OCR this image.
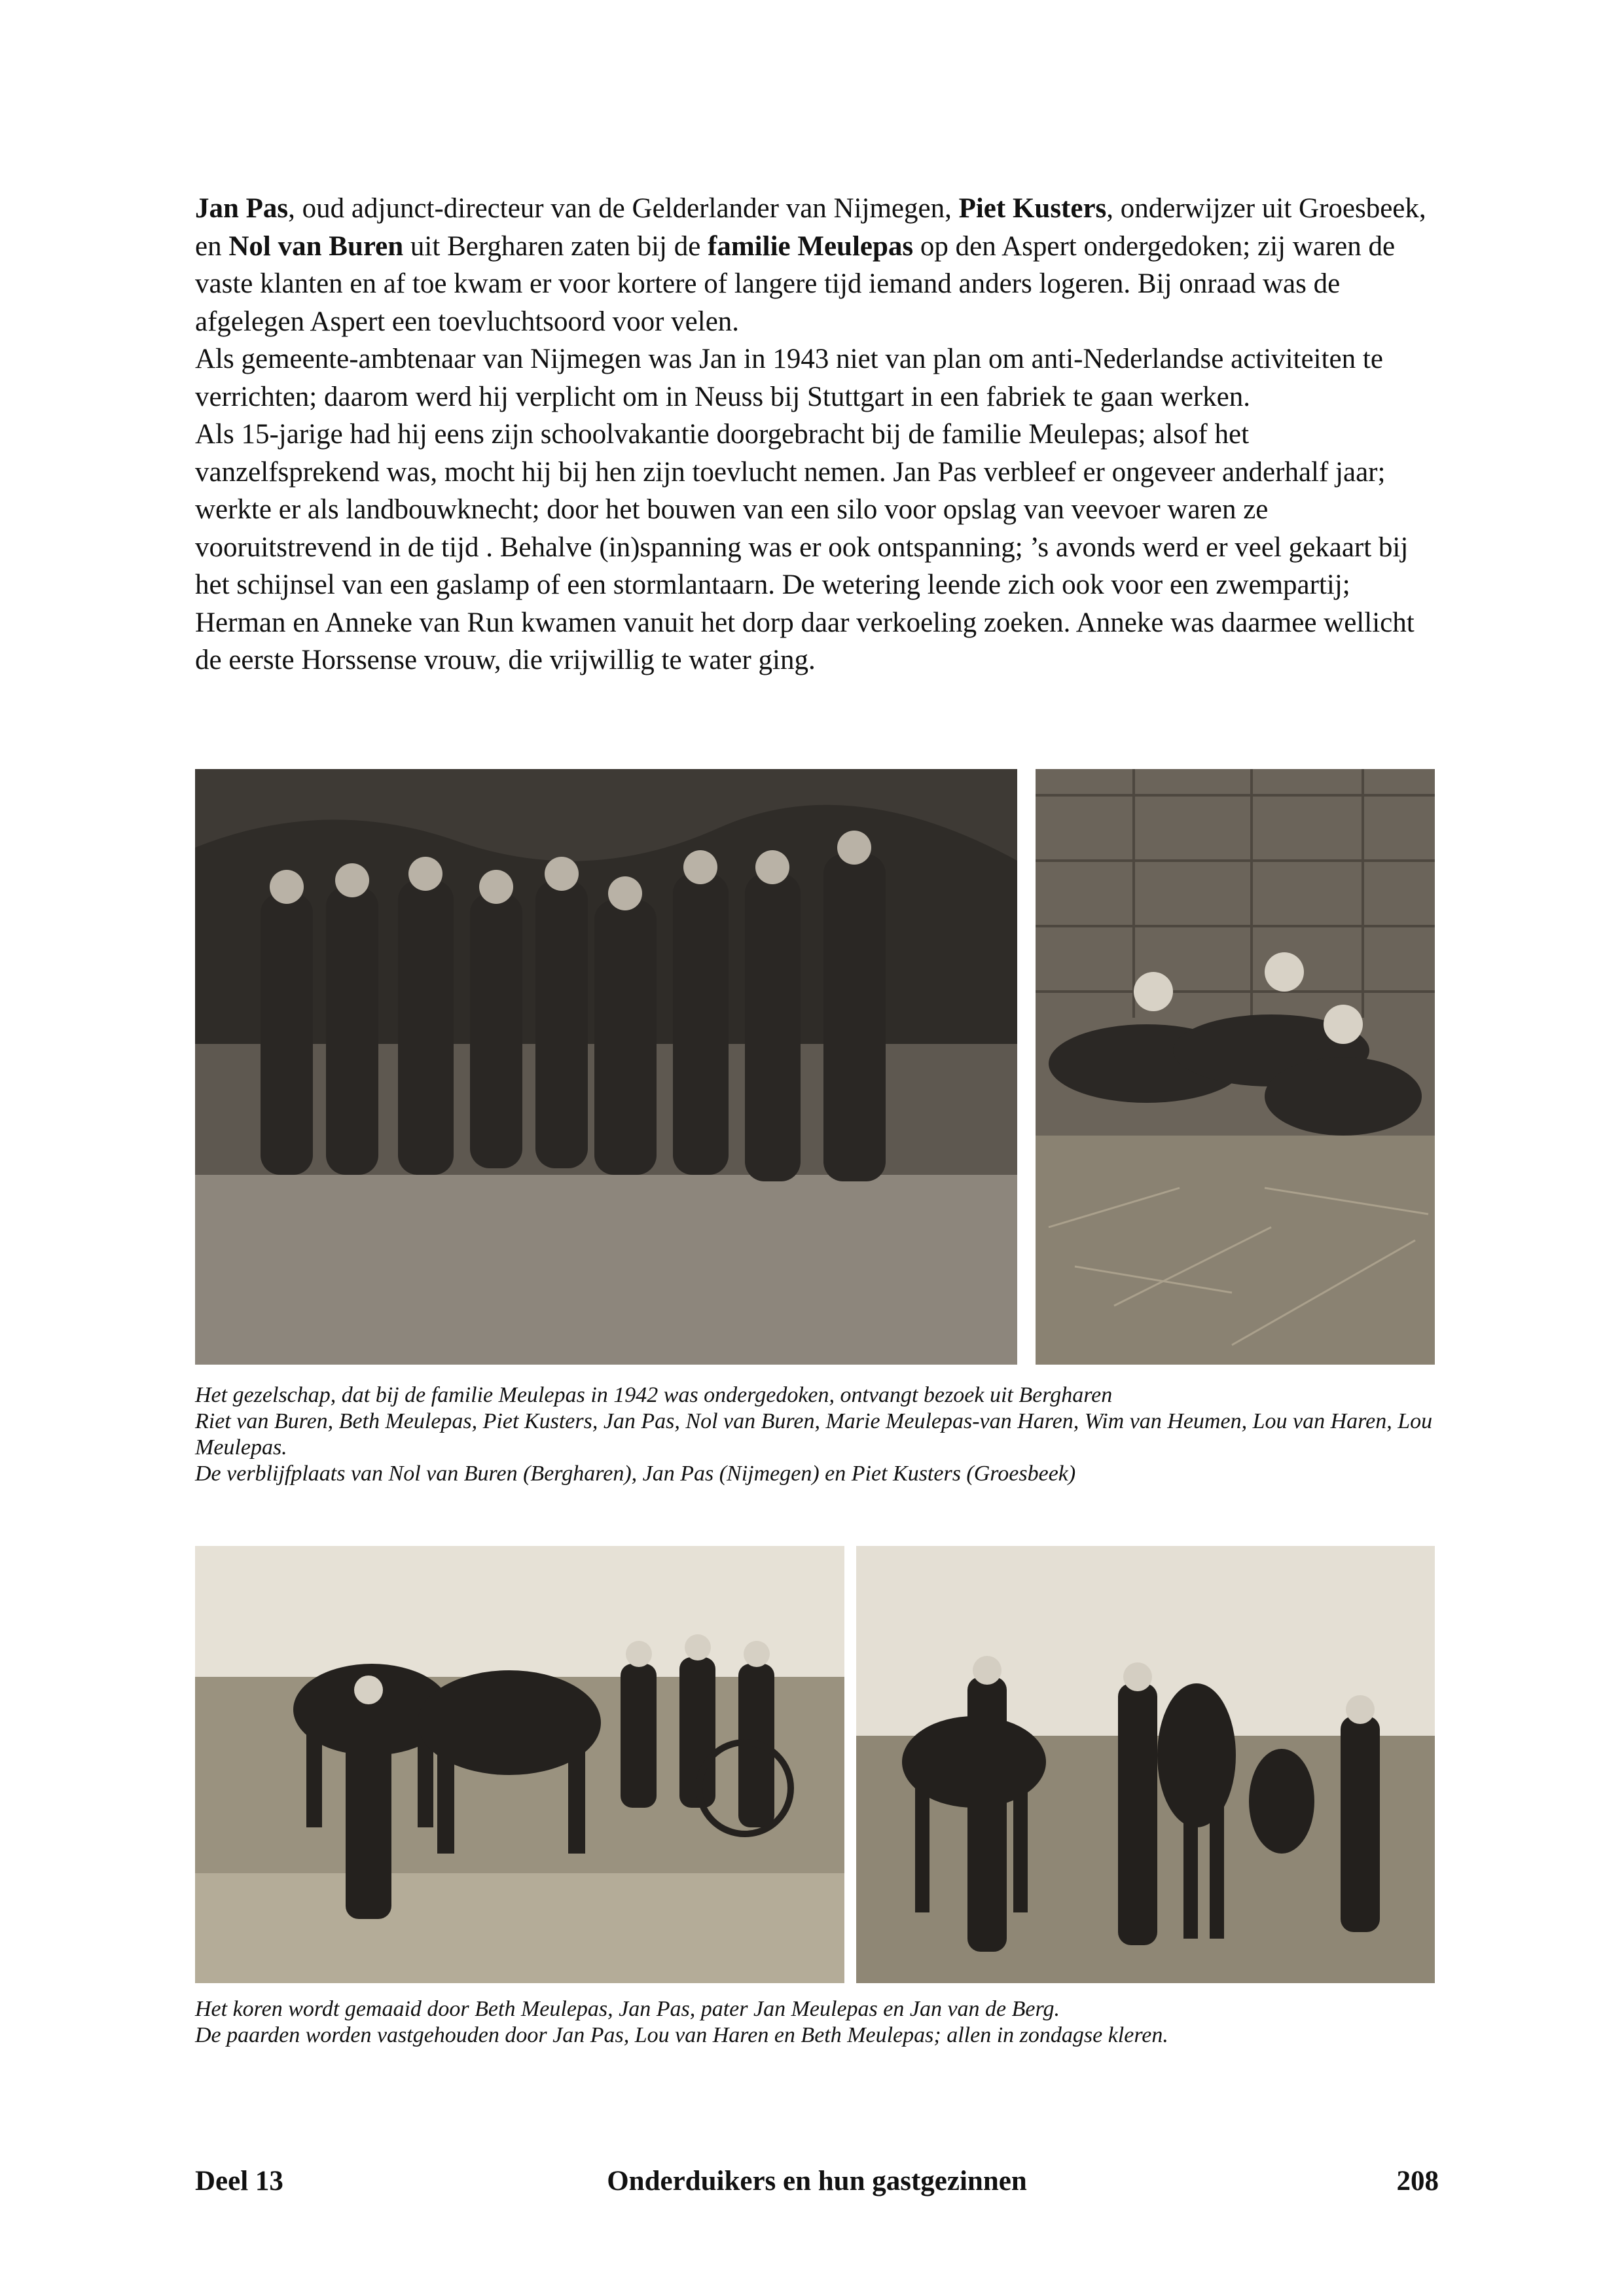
Jan Pas, oud adjunct-directeur van de Gelderlander van Nijmegen, Piet Kusters, onderwijzer uit Groesbeek, en Nol van Buren uit Bergharen zaten bij de familie Meulepas op den Aspert ondergedoken; zij waren de vaste klanten en af toe kwam er voor kortere of langere tijd iemand anders logeren. Bij onraad was de afgelegen Aspert een toevluchtsoord voor velen.

Als gemeente-ambtenaar van Nijmegen was Jan in 1943 niet van plan om anti-Nederlandse activiteiten te verrichten; daarom werd hij verplicht om in Neuss bij Stuttgart in een fabriek te gaan werken.

Als 15-jarige had hij eens zijn schoolvakantie doorgebracht bij de familie Meulepas; alsof het vanzelfsprekend was, mocht hij bij hen zijn toevlucht nemen. Jan Pas verbleef er ongeveer anderhalf jaar; werkte er als landbouwknecht; door het bouwen van een silo voor opslag van veevoer waren ze vooruitstrevend in de tijd . Behalve (in)spanning was er ook ontspanning; ’s avonds werd er veel gekaart bij het schijnsel van een gaslamp of een stormlantaarn. De wetering leende zich ook voor een zwempartij; Herman en Anneke van Run kwamen vanuit het dorp daar verkoeling zoeken. Anneke was daarmee wellicht de eerste Horssense vrouw, die vrijwillig te water ging.

Het gezelschap, dat bij de familie Meulepas in 1942 was ondergedoken, ontvangt bezoek uit Bergharen
Riet van Buren, Beth Meulepas, Piet Kusters, Jan Pas, Nol van Buren, Marie Meulepas-van Haren, Wim van Heumen, Lou van Haren, Lou Meulepas.
De verblijfplaats van Nol van Buren (Bergharen), Jan Pas (Nijmegen) en Piet Kusters (Groesbeek)
Het koren wordt gemaaid door Beth Meulepas, Jan Pas, pater Jan Meulepas en Jan van de Berg.
De paarden worden vastgehouden door Jan Pas, Lou van Haren en Beth Meulepas; allen in zondagse kleren.
Deel 13	Onderduikers en hun gastgezinnen	208
